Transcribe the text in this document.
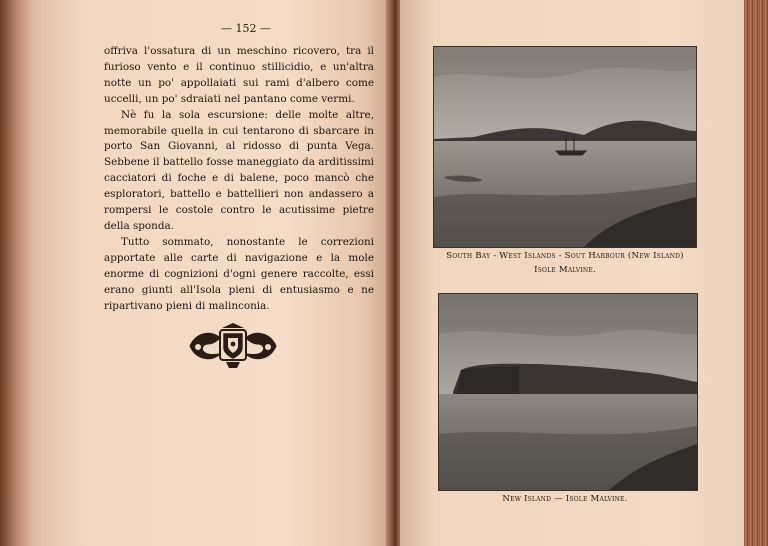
— 152 —

offriva l'ossatura di un meschino ricovero, tra il furioso vento e il continuo stillicidio, e un'altra notte un po' appollaiati sui rami d'albero come uccelli, un po' sdraiati nel pantano come vermi.

Nè fu la sola escursione: delle molte altre, memorabile quella in cui tentarono di sbarcare in porto San Giovanni, al ridosso di punta Vega. Sebbene il battello fosse maneggiato da arditissimi cacciatori di foche e di balene, poco mancò che esploratori, battello e battellieri non andassero a rompersi le costole contro le acutissime pietre della sponda.

Tutto sommato, nonostante le correzioni apportate alle carte di navigazione e la mole enorme di cognizioni d'ogni genere raccolte, essi erano giunti all'Isola pieni di entusiasmo e ne ripartivano pieni di malinconia.

South Bay - West Islands - Sout Harbour (New Island)
Isole Malvine.
New Island — Isole Malvine.
